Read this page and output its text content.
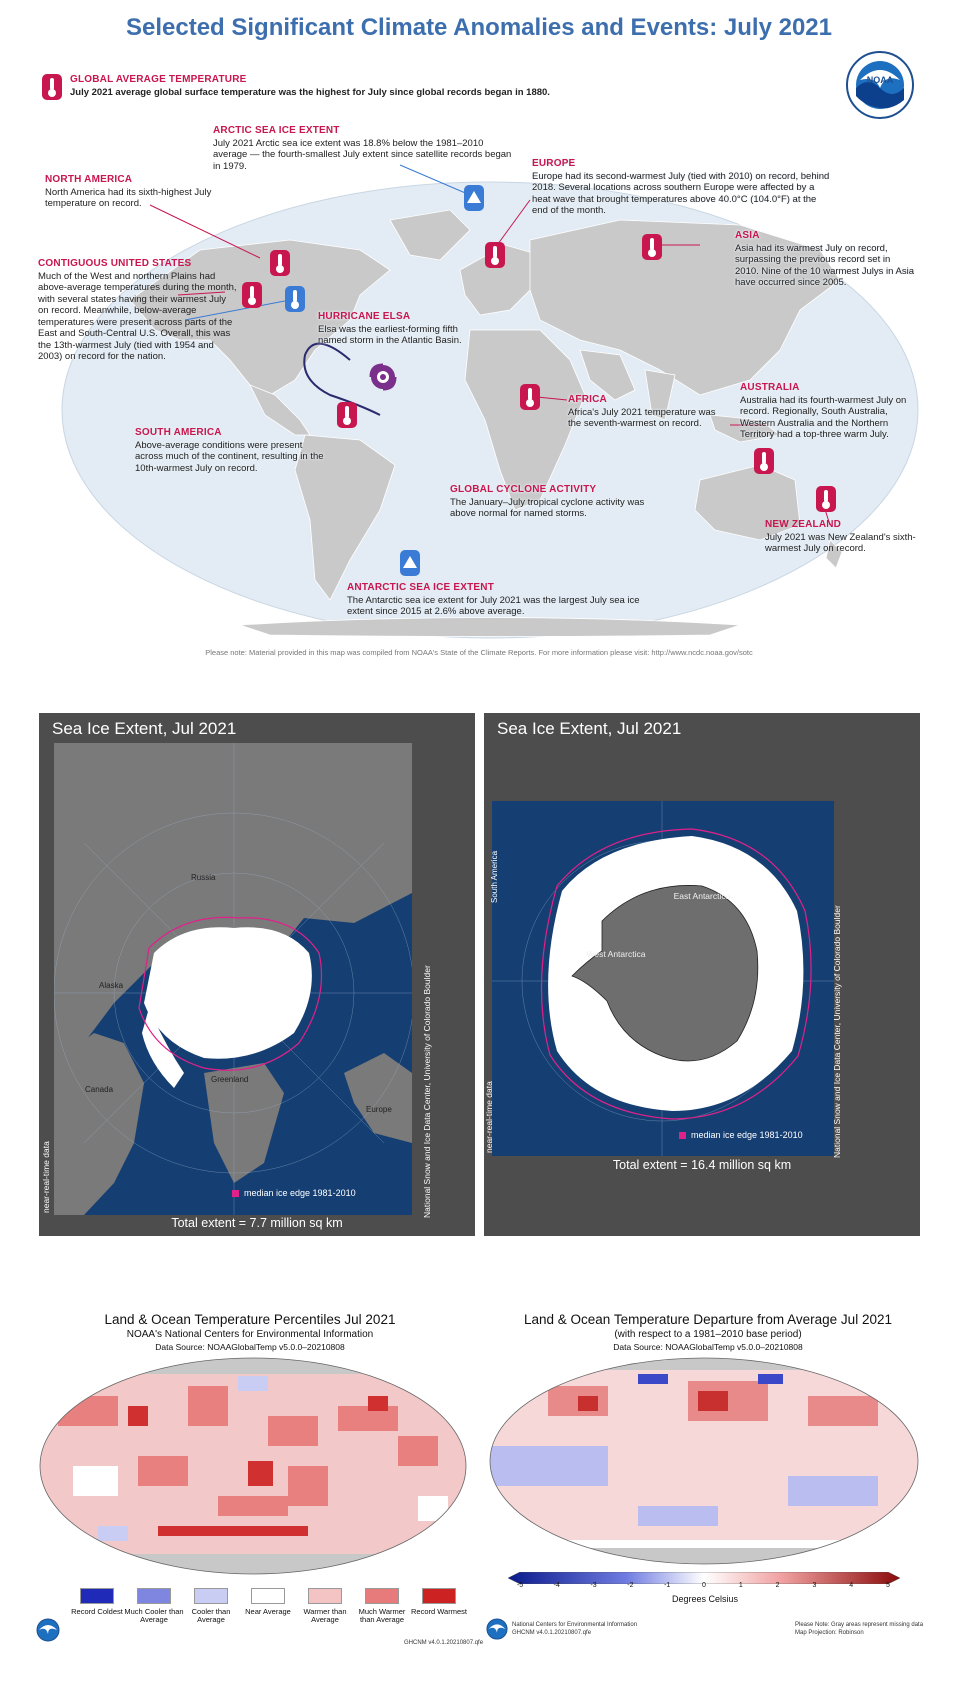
Selected Significant Climate Anomalies and Events: July 2021
NOAA
GLOBAL AVERAGE TEMPERATURE
July 2021 average global surface temperature was the highest for July since global records began in 1880.
ARCTIC SEA ICE EXTENT
July 2021 Arctic sea ice extent was 18.8% below the 1981–2010 average — the fourth-smallest July extent since satellite records began in 1979.
NORTH AMERICA
North America had its sixth-highest July temperature on record.
EUROPE
Europe had its second-warmest July (tied with 2010) on record, behind 2018. Several locations across southern Europe were affected by a heat wave that brought temperatures above 40.0°C (104.0°F) at the end of the month.
ASIA
Asia had its warmest July on record, surpassing the previous record set in 2010. Nine of the 10 warmest Julys in Asia have occurred since 2005.
CONTIGUOUS UNITED STATES
Much of the West and northern Plains had above-average temperatures during the month, with several states having their warmest July on record. Meanwhile, below-average temperatures were present across parts of the East and South-Central U.S. Overall, this was the 13th-warmest July (tied with 1954 and 2003) on record for the nation.
HURRICANE ELSA
Elsa was the earliest-forming fifth named storm in the Atlantic Basin.
AFRICA
Africa's July 2021 temperature was the seventh-warmest on record.
AUSTRALIA
Australia had its fourth-warmest July on record. Regionally, South Australia, Western Australia and the Northern Territory had a top-three warm July.
SOUTH AMERICA
Above-average conditions were present across much of the continent, resulting in the 10th-warmest July on record.
GLOBAL CYCLONE ACTIVITY
The January–July tropical cyclone activity was above normal for named storms.
NEW ZEALAND
July 2021 was New Zealand's sixth-warmest July on record.
ANTARCTIC SEA ICE EXTENT
The Antarctic sea ice extent for July 2021 was the largest July sea ice extent since 2015 at 2.6% above average.
Please note: Material provided in this map was compiled from NOAA's State of the Climate Reports. For more information please visit: http://www.ncdc.noaa.gov/sotc
Sea Ice Extent, Jul 2021
Russia
Alaska
Canada
Greenland
Europe
median ice edge 1981-2010
Total extent = 7.7 million sq km
National Snow and Ice Data Center, University of Colorado Boulder
near-real-time data
Sea Ice Extent, Jul 2021
East Antarctica
West Antarctica
South America
median ice edge 1981-2010
Total extent = 16.4 million sq km
National Snow and Ice Data Center, University of Colorado Boulder
near-real-time data
Land & Ocean Temperature Percentiles Jul 2021
NOAA's National Centers for Environmental Information
Data Source: NOAAGlobalTemp v5.0.0–20210808
Record Coldest Much Cooler than Average
Cooler than Average
Near Average	Warmer than Average
Much Warmer than Average
Record Warmest
GHCNM v4.0.1.20210807.qfe
Land & Ocean Temperature Departure from Average Jul 2021
(with respect to a 1981–2010 base period)
Data Source: NOAAGlobalTemp v5.0.0–20210808
-5	-4	-3	-2	-1	0	1	2	3	4	5
Degrees Celsius
National Centers for Environmental Information
GHCNM v4.0.1.20210807.qfe
Please Note: Gray areas represent missing data
Map Projection: Robinson
